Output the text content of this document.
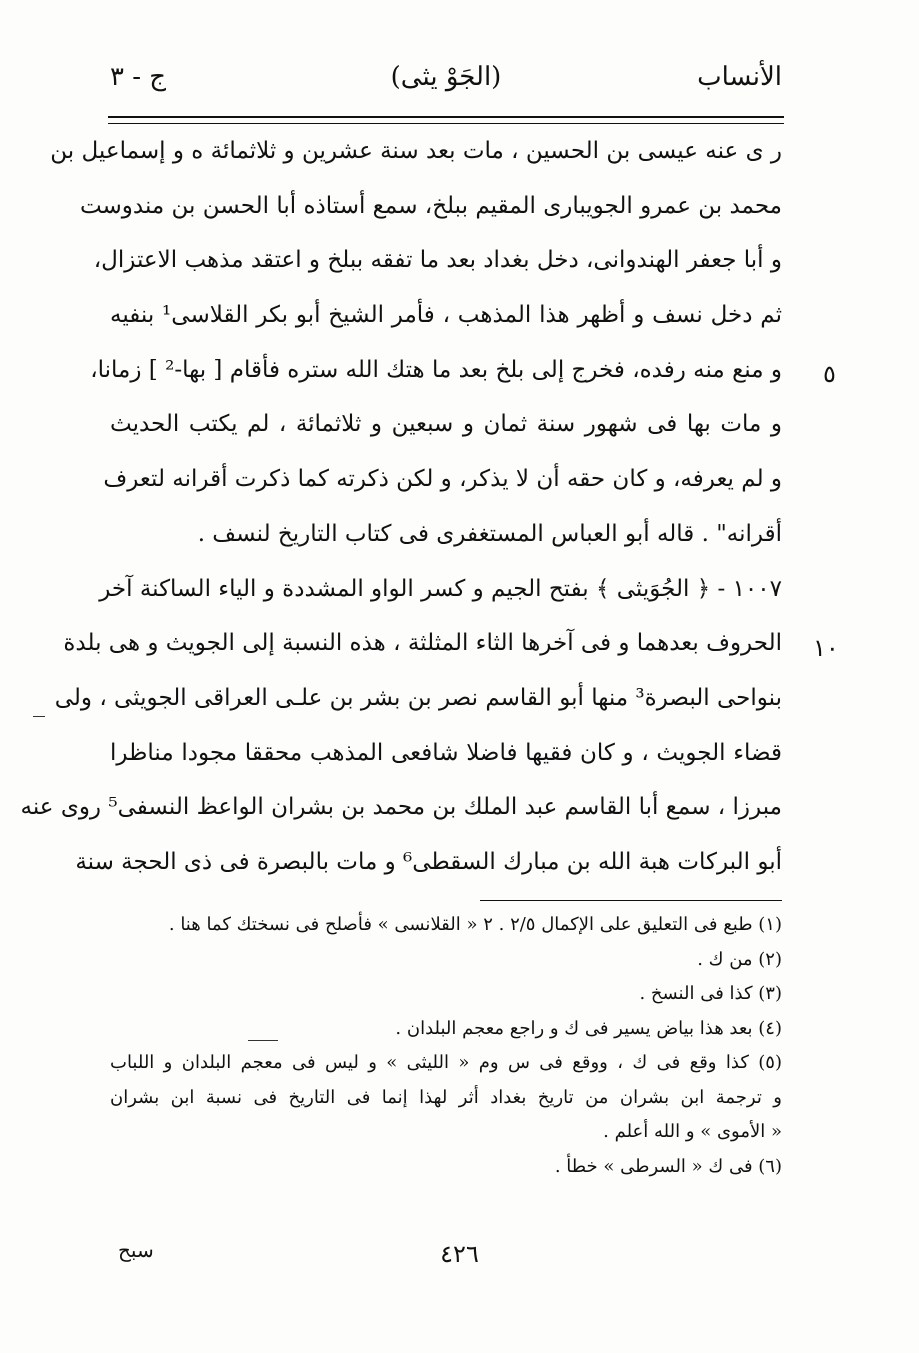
الأنساب
(الجَوْ يثى)
ج - ٣
ر ى عنه عيسى بن الحسين ، مات بعد سنة عشرين و ثلاثمائة ه و إسماعيل بن
محمد بن عمرو الجويبارى المقيم ببلخ، سمع أستاذه أبا الحسن بن مندوست
و أبا جعفر الهندوانى، دخل بغداد بعد ما تفقه ببلخ و اعتقد مذهب الاعتزال،
ثم دخل نسف و أظهر هذا المذهب ، فأمر الشيخ أبو بكر القلاسى¹ بنفيه
و منع منه رفده، فخرج إلى بلخ بعد ما هتك الله ستره فأقام [ بها-² ] زمانا،
و مات بها فى شهور سنة ثمان و سبعين و ثلاثمائة ، لم يكتب الحديث
و لم يعرفه، و كان حقه أن لا يذكر، و لكن ذكرته كما ذكرت أقرانه لتعرف
أقرانه" . قاله أبو العباس المستغفرى فى كتاب التاريخ لنسف .
١٠٠٧ - ﴿ الجُوَيثى ﴾ بفتح الجيم و كسر الواو المشددة و الياء الساكنة آخر
الحروف بعدهما و فى آخرها الثاء المثلثة ، هذه النسبة إلى الجويث و هى بلدة
بنواحى البصرة³ منها أبو القاسم نصر بن بشر بن علـى العراقى الجويثى ، ولى
قضاء الجويث ، و كان فقيها فاضلا شافعى المذهب محققا مجودا مناظرا
مبرزا ، سمع أبا القاسم عبد الملك بن محمد بن بشران الواعظ النسفى⁵ روى عنه
أبو البركات هبة الله بن مبارك السقطى⁶ و مات بالبصرة فى ذى الحجة سنة
٥
١٠
(١) طبع فى التعليق على الإكمال ٢/٥ . ٢ « القلانسى » فأصلح فى نسختك كما هنا .
(٢) من ك .
(٣) كذا فى النسخ .
(٤) بعد هذا بياض يسير فى ك و راجع معجم البلدان .
(٥) كذا وقع فى ك ، ووقع فى س وم « الليثى » و ليس فى معجم البلدان و اللباب
و ترجمة ابن بشران من تاريخ بغداد أثر لهذا إنما فى التاريخ فى نسبة ابن بشران
« الأموى » و الله أعلم .
(٦) فى ك « السرطى » خطأ .
٤٢٦
سبح
